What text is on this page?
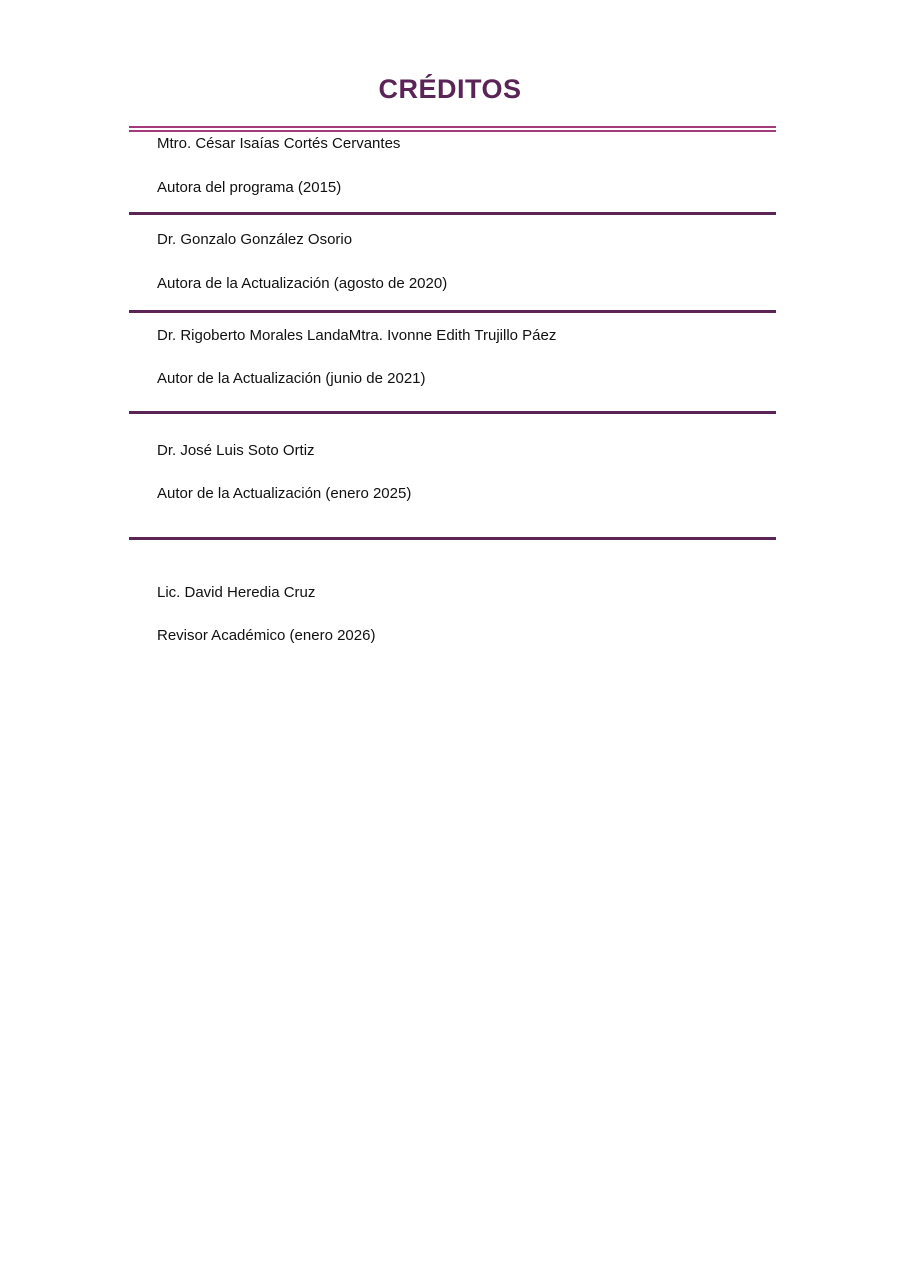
CRÉDITOS
Mtro. César Isaías Cortés Cervantes
Autora del programa (2015)
Dr. Gonzalo González Osorio
Autora de la Actualización (agosto de 2020)
Dr. Rigoberto Morales LandaMtra. Ivonne Edith Trujillo Páez
Autor de la Actualización (junio de 2021)
Dr. José Luis Soto Ortiz
Autor de la Actualización (enero 2025)
Lic. David Heredia Cruz
Revisor Académico (enero 2026)
